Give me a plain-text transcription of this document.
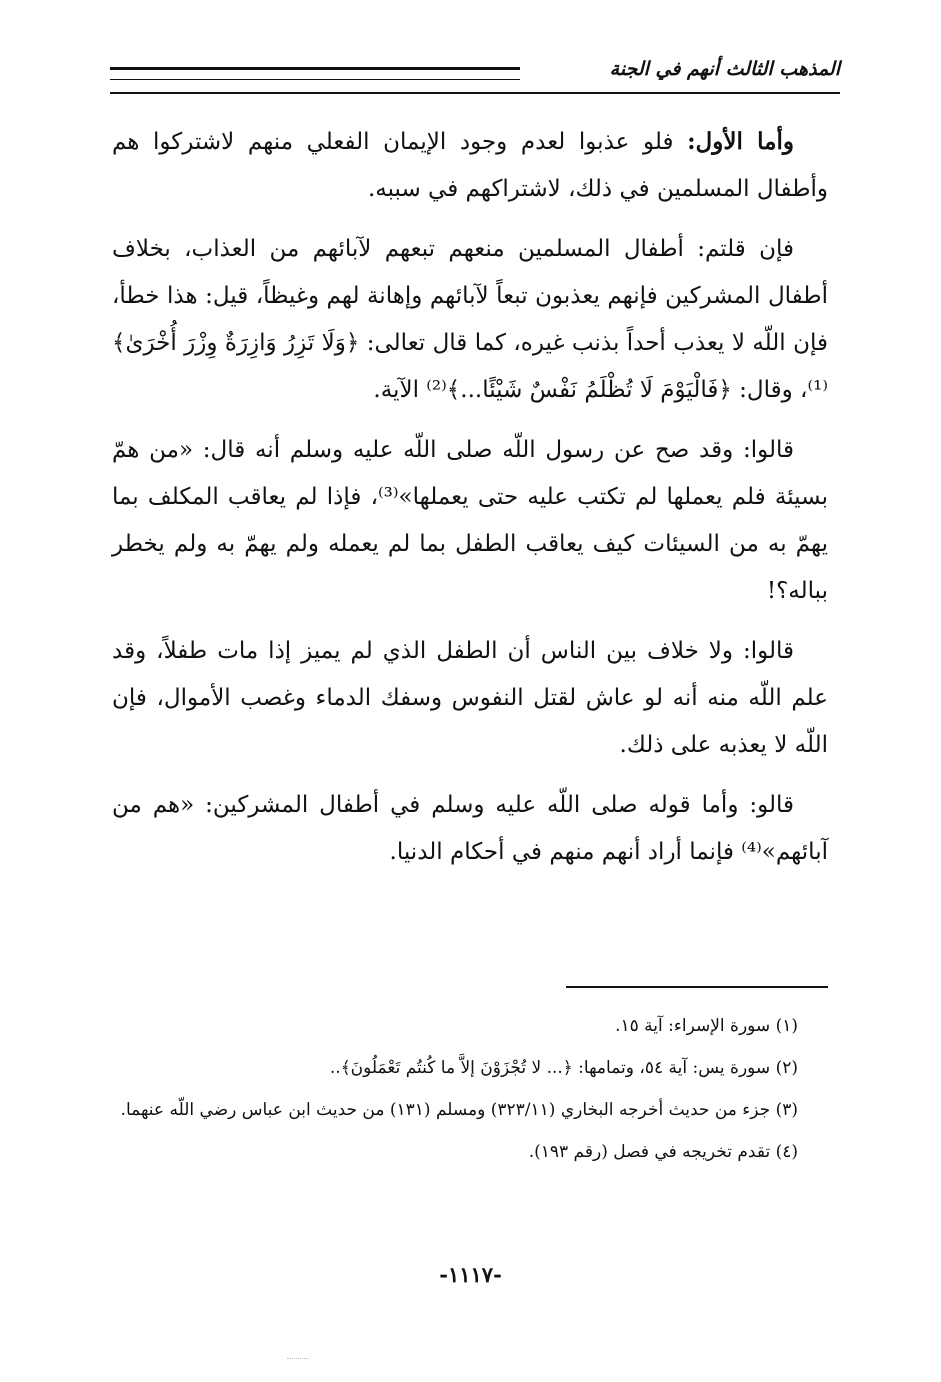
المذهب الثالث أنهم في الجنة

وأما الأول: فلو عذبوا لعدم وجود الإيمان الفعلي منهم لاشتركوا هم وأطفال المسلمين في ذلك، لاشتراكهم في سببه.

فإن قلتم: أطفال المسلمين منعهم تبعهم لآبائهم من العذاب، بخلاف أطفال المشركين فإنهم يعذبون تبعاً لآبائهم وإهانة لهم وغيظاً، قيل: هذا خطأ، فإن اللّه لا يعذب أحداً بذنب غيره، كما قال تعالى: ﴿وَلَا تَزِرُ وَازِرَةٌ وِزْرَ أُخْرَىٰ﴾⁽¹⁾، وقال: ﴿فَالْيَوْمَ لَا تُظْلَمُ نَفْسٌ شَيْئًا...﴾⁽²⁾ الآية.

قالوا: وقد صح عن رسول اللّه صلى اللّه عليه وسلم أنه قال: «من همّ بسيئة فلم يعملها لم تكتب عليه حتى يعملها»⁽³⁾، فإذا لم يعاقب المكلف بما يهمّ به من السيئات كيف يعاقب الطفل بما لم يعمله ولم يهمّ به ولم يخطر بباله؟!

قالوا: ولا خلاف بين الناس أن الطفل الذي لم يميز إذا مات طفلاً، وقد علم اللّه منه أنه لو عاش لقتل النفوس وسفك الدماء وغصب الأموال، فإن اللّه لا يعذبه على ذلك.

قالو: وأما قوله صلى اللّه عليه وسلم في أطفال المشركين: «هم من آبائهم»⁽⁴⁾ فإنما أراد أنهم منهم في أحكام الدنيا.

(١) سورة الإسراء: آية ١٥.

(٢) سورة يس: آية ٥٤، وتمامها: ﴿... لا تُجْزَوْنَ إلاَّ ما كُنتُم تَعْمَلُونَ﴾..

(٣) جزء من حديث أخرجه البخاري (٣٢٣/١١) ومسلم (١٣١) من حديث ابن عباس رضي اللّه عنهما.

(٤) تقدم تخريجه في فصل (رقم ١٩٣).

-١١١٧-
